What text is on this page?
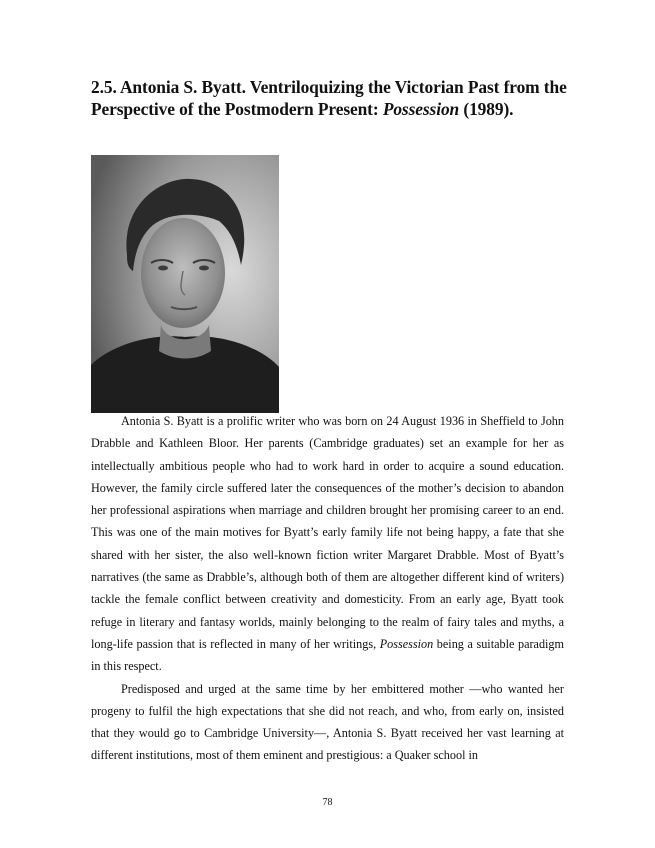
2.5. Antonia S. Byatt. Ventriloquizing the Victorian Past from the Perspective of the Postmodern Present: Possession (1989).

Antonia S. Byatt is a prolific writer who was born on 24 August 1936 in Sheffield to John Drabble and Kathleen Bloor. Her parents (Cambridge graduates) set an example for her as intellectually ambitious people who had to work hard in order to acquire a sound education. However, the family circle suffered later the consequences of the mother’s decision to abandon her professional aspirations when marriage and children brought her promising career to an end. This was one of the main motives for Byatt’s early family life not being happy, a fate that she shared with her sister, the also well-known fiction writer Margaret Drabble. Most of Byatt’s narratives (the same as Drabble’s, although both of them are altogether different kind of writers) tackle the female conflict between creativity and domesticity. From an early age, Byatt took refuge in literary and fantasy worlds, mainly belonging to the realm of fairy tales and myths, a long-life passion that is reflected in many of her writings, Possession being a suitable paradigm in this respect.

Predisposed and urged at the same time by her embittered mother —who wanted her progeny to fulfil the high expectations that she did not reach, and who, from early on, insisted that they would go to Cambridge University—, Antonia S. Byatt received her vast learning at different institutions, most of them eminent and prestigious: a Quaker school in

78
